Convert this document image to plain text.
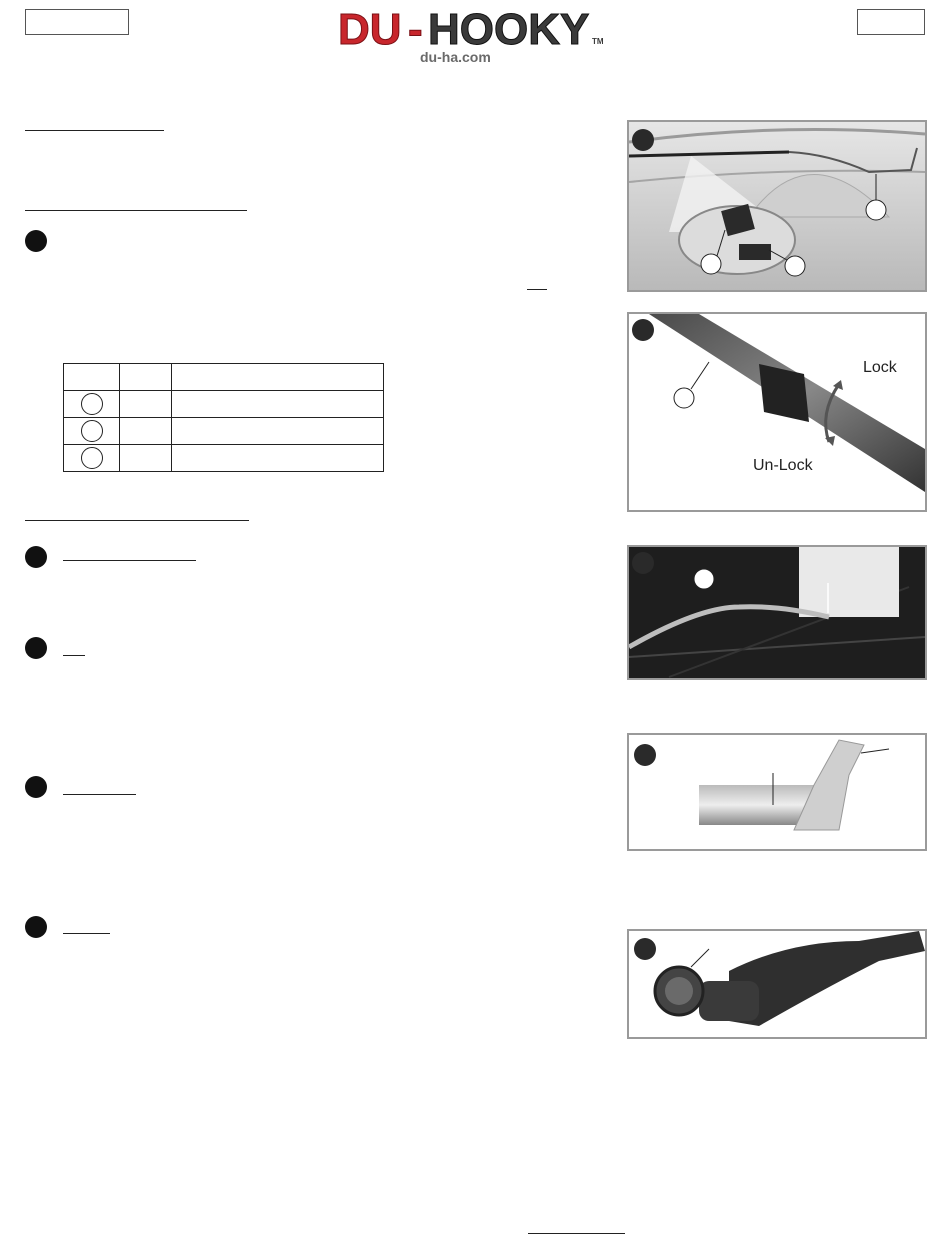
DU - HOOKY TM
du-ha.com

Lock
Un-Lock
